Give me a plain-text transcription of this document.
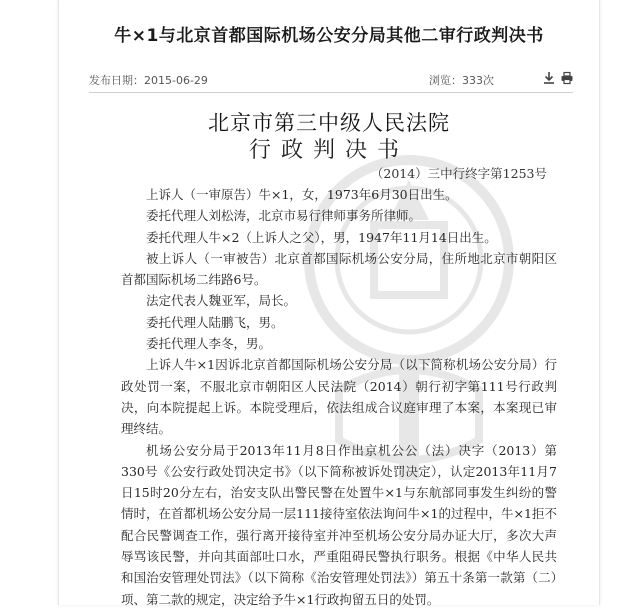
牛×1与北京首都国际机场公安分局其他二审行政判决书
发布日期：2015-06-29	浏览：333次
北京市第三中级人民法院
行政判决书
（2014）三中行终字第1253号

上诉人（一审原告）牛×1，女，1973年6月30日出生。

委托代理人刘松涛，北京市易行律师事务所律师。

委托代理人牛×2（上诉人之父），男，1947年11月14日出生。

被上诉人（一审被告）北京首都国际机场公安分局，住所地北京市朝阳区首都国际机场二纬路6号。

法定代表人魏亚军，局长。

委托代理人陆鹏飞，男。

委托代理人李冬，男。

上诉人牛×1因诉北京首都国际机场公安分局（以下简称机场公安分局）行政处罚一案，不服北京市朝阳区人民法院（2014）朝行初字第111号行政判决，向本院提起上诉。本院受理后，依法组成合议庭审理了本案，本案现已审理终结。

机场公安分局于2013年11月8日作出京机公公（法）决字（2013）第330号《公安行政处罚决定书》（以下简称被诉处罚决定），认定2013年11月7日15时20分左右，治安支队出警民警在处置牛×1与东航部同事发生纠纷的警情时，在首都机场公安分局一层111接待室依法询问牛×1的过程中，牛×1拒不配合民警调查工作，强行离开接待室并冲至机场公安分局办证大厅，多次大声辱骂该民警，并向其面部吐口水，严重阻碍民警执行职务。根据《中华人民共和国治安管理处罚法》（以下简称《治安管理处罚法》）第五十条第一款第（二）项、第二款的规定，决定给予牛×1行政拘留五日的处罚。
